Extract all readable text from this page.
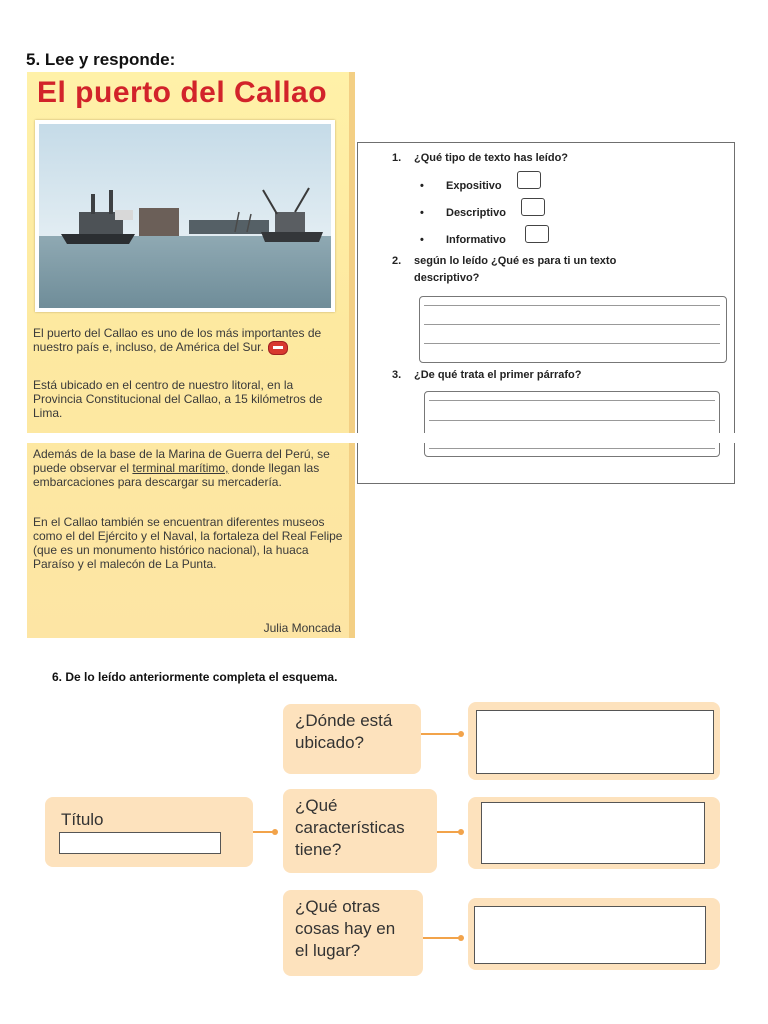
5. Lee y responde:
El puerto del Callao
El puerto del Callao es uno de los más importantes de nuestro país e, incluso, de América del Sur.
Está ubicado en el centro de nuestro litoral, en la Provincia Constitucional del Callao, a 15 kilómetros de Lima.
Además de la base de la Marina de Guerra del Perú, se puede observar el terminal marítimo, donde llegan las embarcaciones para descargar su mercadería.
En el Callao también se encuentran diferentes museos como el del Ejército y el Naval, la fortaleza del Real Felipe (que es un monumento histórico nacional), la huaca Paraíso y el malecón de La Punta.
Julia Moncada
1. ¿Qué tipo de texto has leído?
• Expositivo
• Descriptivo
• Informativo
2. según lo leído ¿Qué es para ti un texto descriptivo?
3. ¿De qué trata el primer párrafo?
6. De lo leído anteriormente completa el esquema.
Título
¿Dónde está ubicado?
¿Qué características tiene?
¿Qué otras cosas hay en el lugar?
